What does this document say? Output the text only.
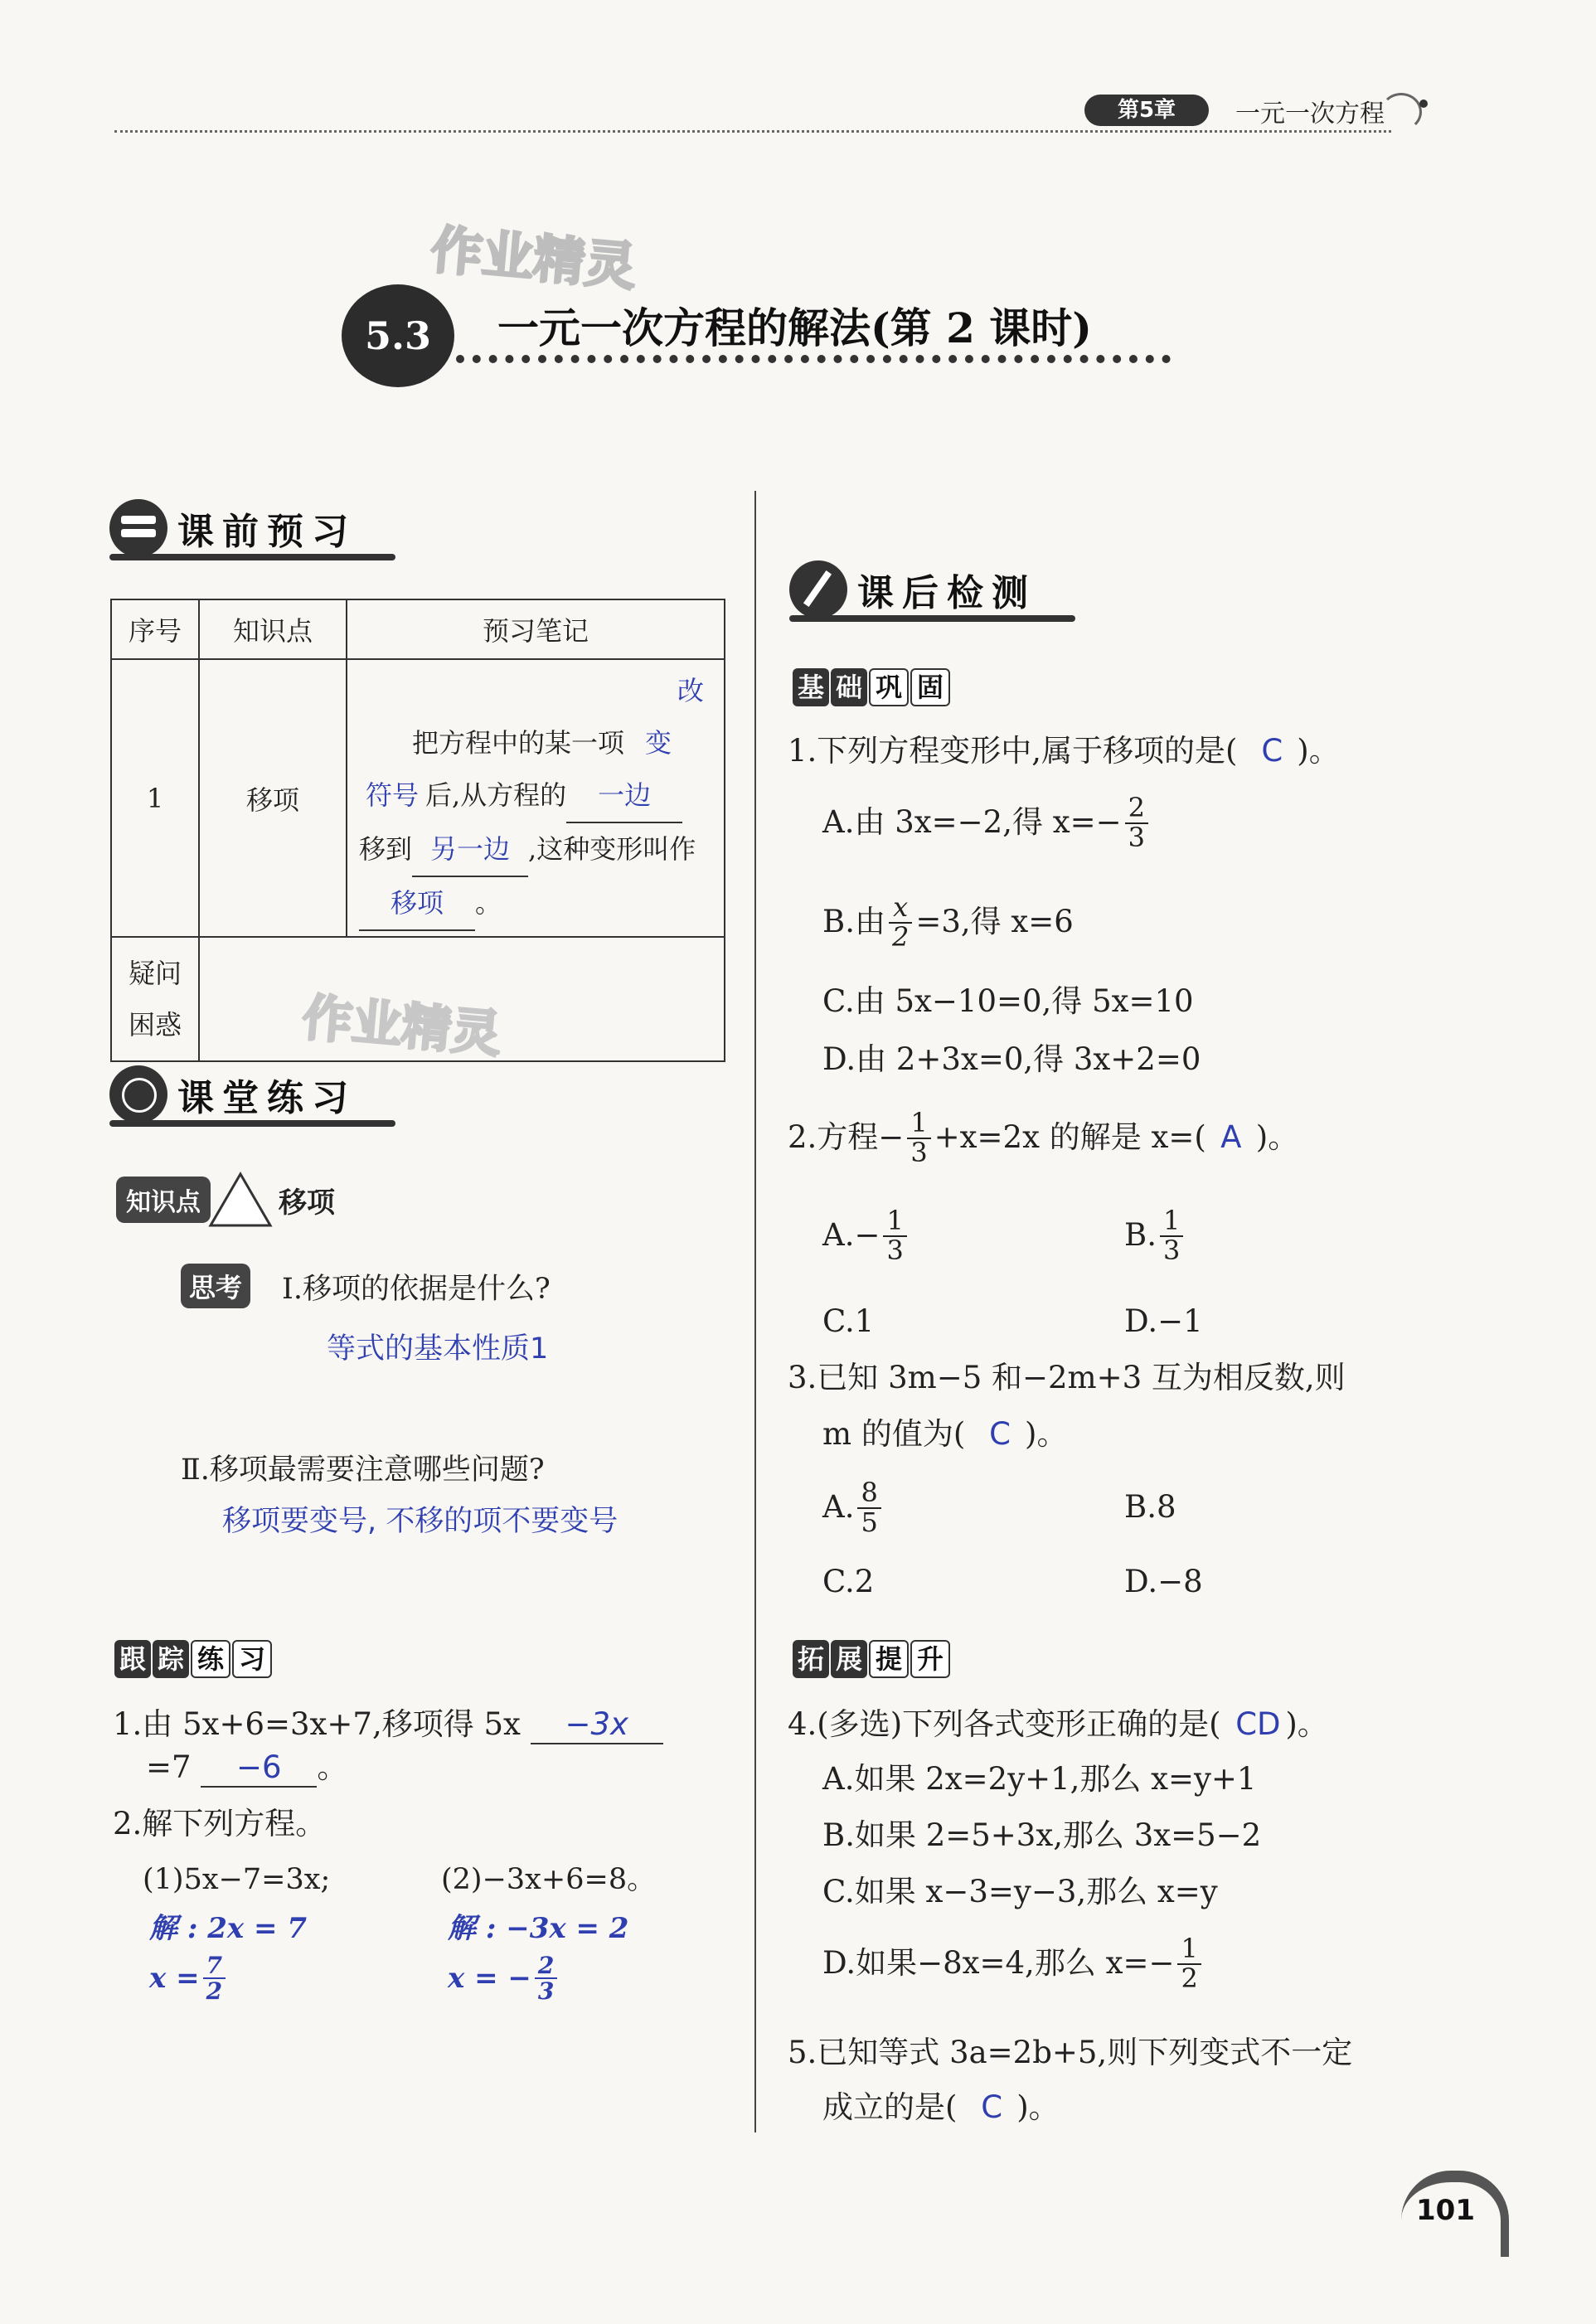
第5章	一元一次方程
作业精灵
作业精灵
5.3	一元一次方程的解法(第 2 课时)
课前预习
序号	知识点	预习笔记
1	移项	把方程中的某一项改变
符号 后,从方程的 一边
移到 另一边 ,这种变形叫作移项 。

疑问
困惑		

课堂练习
知识点	移项
思考 Ⅰ.移项的依据是什么?
等式的基本性质1
Ⅱ.移项最需要注意哪些问题?
移项要变号, 不移的项不要变号
跟 踪 练 习
1.由 5x+6=3x+7,移项得 5x −3x
=7 −6 。
2.解下列方程。
(1)5x−7=3x;	(2)−3x+6=8。
解 : 2x = 7
$x = \frac{7}{2}$
解 : −3x = 2
x = − $\frac{2}{3}$
课后检测
基 础 巩 固
1.下列方程变形中,属于移项的是( C )。
A.由 3x=−2,得 $x=- \frac{2}{3}$
B.由 $\frac{x}{2} =3$,得 x=6
C.由 5x−10=0,得 5x=10
D.由 2+3x=0,得 3x+2=0
2.方程− $\frac{1}{3} +x=2x$ 的解是 x=( A )。
$A.- \frac{1}{3}$	B. $\frac{1}{3}$
C.1	D.−1
3.已知 3m−5 和−2m+3 互为相反数,则
m 的值为( C )。
A. $\frac{8}{5}$	B.8
C.2	D.−8
拓 展 提 升
4.(多选)下列各式变形正确的是( CD )。
A.如果 2x=2y+1,那么 x=y+1
B.如果 2=5+3x,那么 3x=5−2
C.如果 x−3=y−3,那么 x=y
D.如果−8x=4,那么 $x=- \frac{1}{2}$
5.已知等式 3a=2b+5,则下列变式不一定
成立的是( C )。
101
